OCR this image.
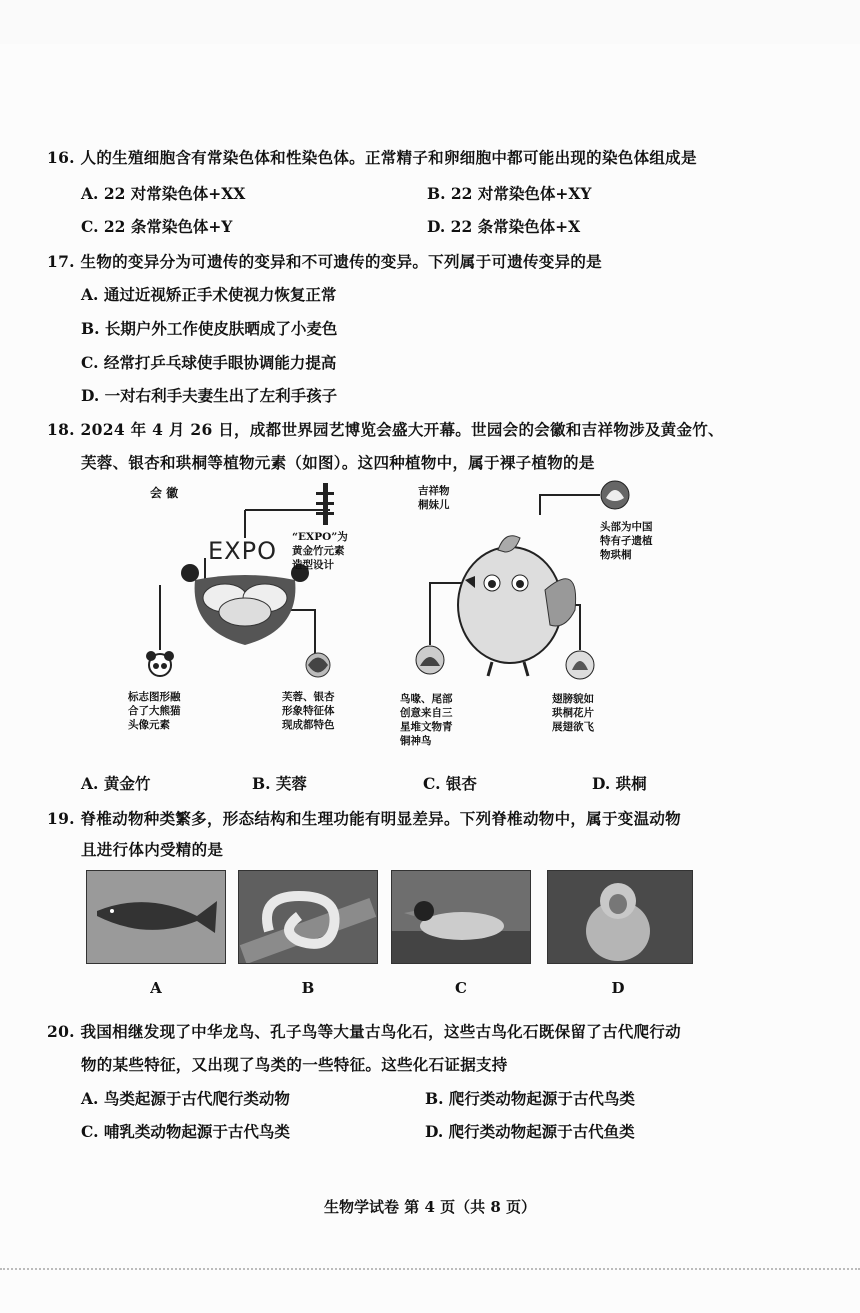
16. 人的生殖细胞含有常染色体和性染色体。正常精子和卵细胞中都可能出现的染色体组成是
A. 22 对常染色体+XX	B. 22 对常染色体+XY
C. 22 条常染色体+Y	D. 22 条常染色体+X
17. 生物的变异分为可遗传的变异和不可遗传的变异。下列属于可遗传变异的是
A. 通过近视矫正手术使视力恢复正常
B. 长期户外工作使皮肤晒成了小麦色
C. 经常打乒乓球使手眼协调能力提高
D. 一对右利手夫妻生出了左利手孩子
18. 2024 年 4 月 26 日，成都世界园艺博览会盛大开幕。世园会的会徽和吉祥物涉及黄金竹、
芙蓉、银杏和珙桐等植物元素（如图）。这四种植物中，属于裸子植物的是
会 徽
EXPO “EXPO”为
黄金竹元素
造型设计
标志图形融
合了大熊猫
头像元素
芙蓉、银杏
形象特征体
现成都特色
吉祥物
桐妹儿
头部为中国
特有孑遗植
物珙桐
鸟喙、尾部
创意来自三
星堆文物青
铜神鸟
翅膀貌如
珙桐花片
展翅欲飞
A. 黄金竹	B. 芙蓉	C. 银杏	D. 珙桐
19. 脊椎动物种类繁多，形态结构和生理功能有明显差异。下列脊椎动物中，属于变温动物
且进行体内受精的是
A	B	C	D
20. 我国相继发现了中华龙鸟、孔子鸟等大量古鸟化石，这些古鸟化石既保留了古代爬行动
物的某些特征，又出现了鸟类的一些特征。这些化石证据支持
A. 鸟类起源于古代爬行类动物	B. 爬行类动物起源于古代鸟类
C. 哺乳类动物起源于古代鸟类	D. 爬行类动物起源于古代鱼类
生物学试卷 第 4 页（共 8 页）
